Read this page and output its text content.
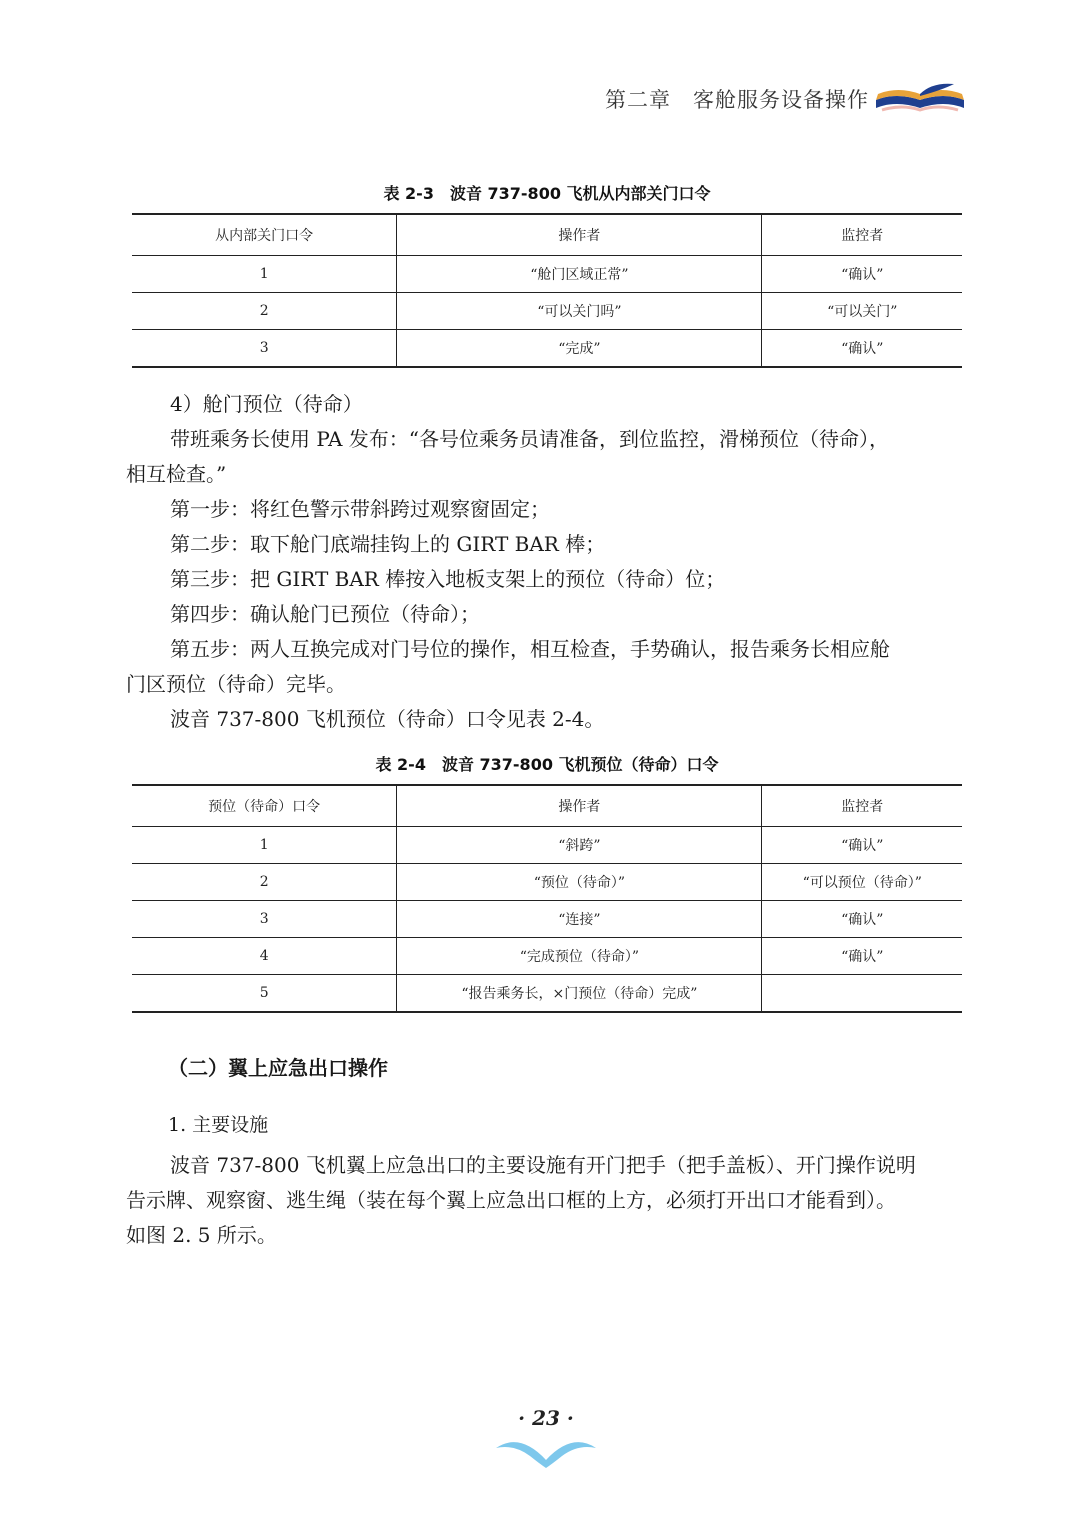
第二章　客舱服务设备操作
表 2-3　波音 737-800 飞机从内部关门口令
从内部关门口令	操作者	监控者
1	“舱门区域正常”	“确认”
2	“可以关门吗”	“可以关门”
3	“完成”	“确认”
4）舱门预位（待命）
带班乘务长使用 PA 发布：“各号位乘务员请准备，到位监控，滑梯预位（待命），
相互检查。”
第一步：将红色警示带斜跨过观察窗固定；
第二步：取下舱门底端挂钩上的 GIRT BAR 棒；
第三步：把 GIRT BAR 棒按入地板支架上的预位（待命）位；
第四步：确认舱门已预位（待命）；
第五步：两人互换完成对门号位的操作，相互检查，手势确认，报告乘务长相应舱
门区预位（待命）完毕。
波音 737-800 飞机预位（待命）口令见表 2-4。
表 2-4　波音 737-800 飞机预位（待命）口令
预位（待命）口令	操作者	监控者
1	“斜跨”	“确认”
2	“预位（待命）”	“可以预位（待命）”
3	“连接”	“确认”
4	“完成预位（待命）”	“确认”
5	“报告乘务长，×门预位（待命）完成”	
（二）翼上应急出口操作
1. 主要设施
波音 737-800 飞机翼上应急出口的主要设施有开门把手（把手盖板）、开门操作说明
告示牌、观察窗、逃生绳（装在每个翼上应急出口框的上方，必须打开出口才能看到）。
如图 2. 5 所示。
· 23 ·
